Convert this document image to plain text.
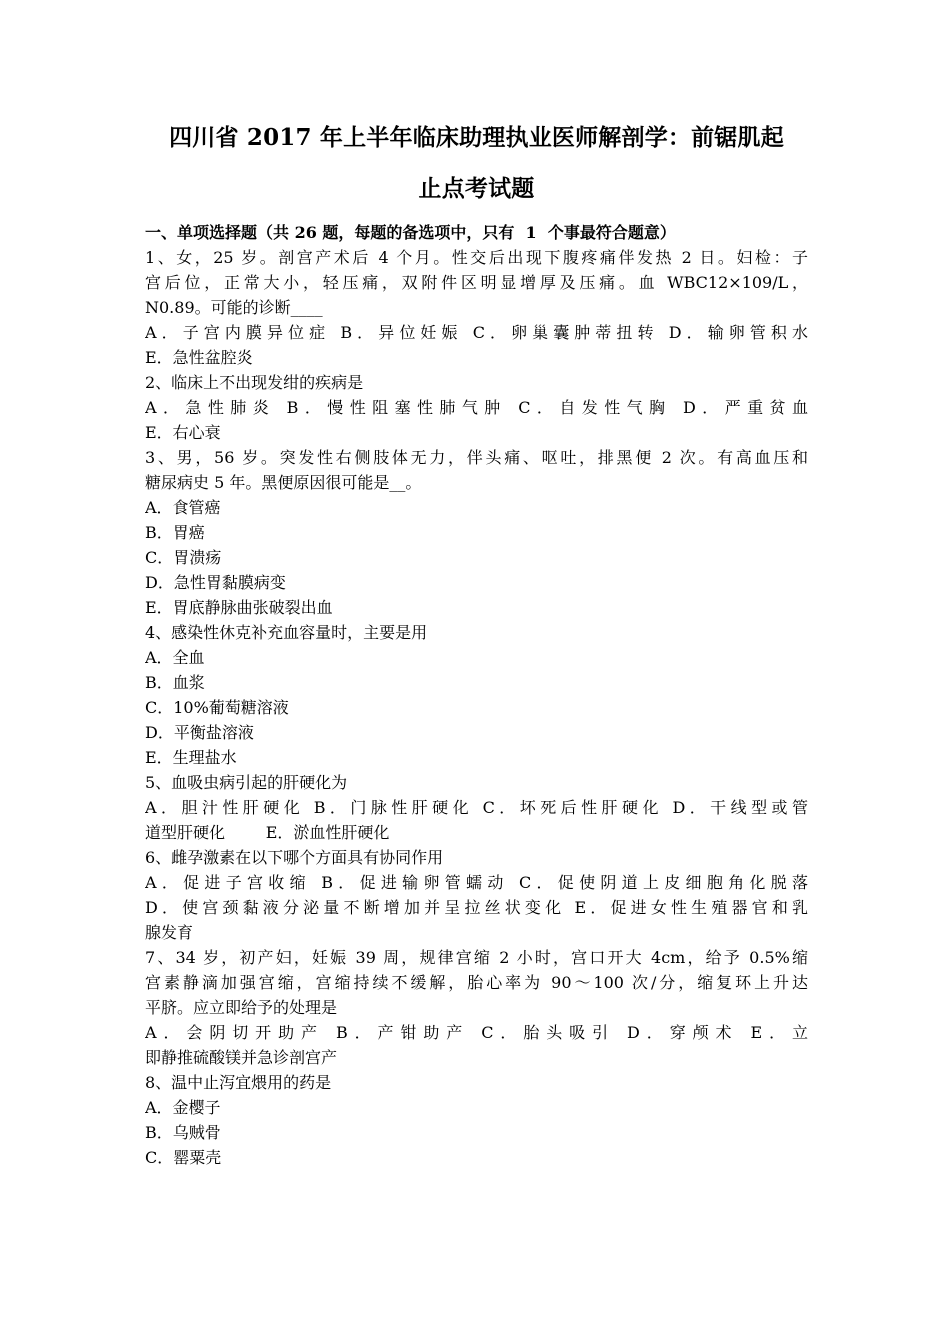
四川省 2017 年上半年临床助理执业医师解剖学：前锯肌起
止点考试题
一、单项选择题（共 26 题，每题的备选项中，只有  1  个事最符合题意）
1、女，25 岁。剖宫产术后 4 个月。性交后出现下腹疼痛伴发热 2 日。妇检：子
宫后位，正常大小，轻压痛，双附件区明显增厚及压痛。血 WBC12×109/L，
N0.89。可能的诊断____
A．子宫内膜异位症 B．异位妊娠 C．卵巢囊肿蒂扭转 D．输卵管积水
E．急性盆腔炎
2、临床上不出现发绀的疾病是
A．急性肺炎 B．慢性阻塞性肺气肿 C．自发性气胸 D．严重贫血
E．右心衰
3、男，56 岁。突发性右侧肢体无力，伴头痛、呕吐，排黑便 2 次。有高血压和
糖尿病史 5 年。黑便原因很可能是__。
A．食管癌
B．胃癌
C．胃溃疡
D．急性胃黏膜病变
E．胃底静脉曲张破裂出血
4、感染性休克补充血容量时，主要是用
A．全血
B．血浆
C．10%葡萄糖溶液
D．平衡盐溶液
E．生理盐水
5、血吸虫病引起的肝硬化为
A．胆汁性肝硬化 B．门脉性肝硬化 C．坏死后性肝硬化 D．干线型或管
道型肝硬化        E．淤血性肝硬化
6、雌孕激素在以下哪个方面具有协同作用
A．促进子宫收缩 B．促进输卵管蠕动 C．促使阴道上皮细胞角化脱落
D．使宫颈黏液分泌量不断增加并呈拉丝状变化 E．促进女性生殖器官和乳
腺发育
7、34 岁，初产妇，妊娠 39 周，规律宫缩 2 小时，宫口开大 4cm，给予 0.5%缩
宫素静滴加强宫缩，宫缩持续不缓解，胎心率为 90～100 次/分，缩复环上升达
平脐。应立即给予的处理是
A．会阴切开助产 B．产钳助产 C．胎头吸引 D．穿颅术 E．立
即静推硫酸镁并急诊剖宫产
8、温中止泻宜煨用的药是
A．金樱子
B．乌贼骨
C．罂粟壳
